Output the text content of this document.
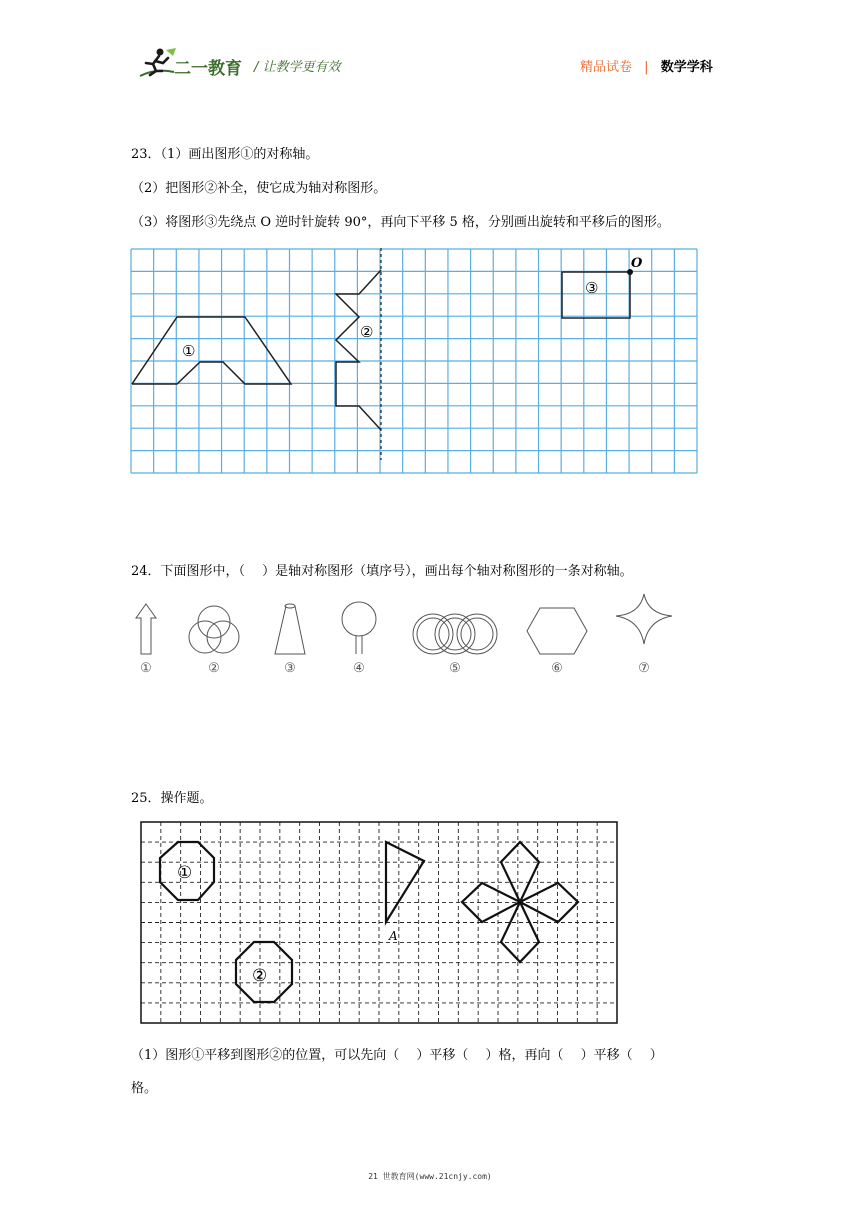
二一教育 / 让教学更有效	精品试卷 | 数学学科
23．（1）画出图形①的对称轴。
（2）把图形②补全，使它成为轴对称图形。
（3）将图形③先绕点 O 逆时针旋转 90°，再向下平移 5 格，分别画出旋转和平移后的图形。
①
②
O
③
24．下面图形中，（　 ）是轴对称图形（填序号），画出每个轴对称图形的一条对称轴。
①	②	③	④	⑤	⑥	⑦
25．操作题。
①
②
A
（1）图形①平移到图形②的位置，可以先向（　 ）平移（　 ）格，再向（　 ）平移（　 ）
格。
21 世教育网(www.21cnjy.com)
